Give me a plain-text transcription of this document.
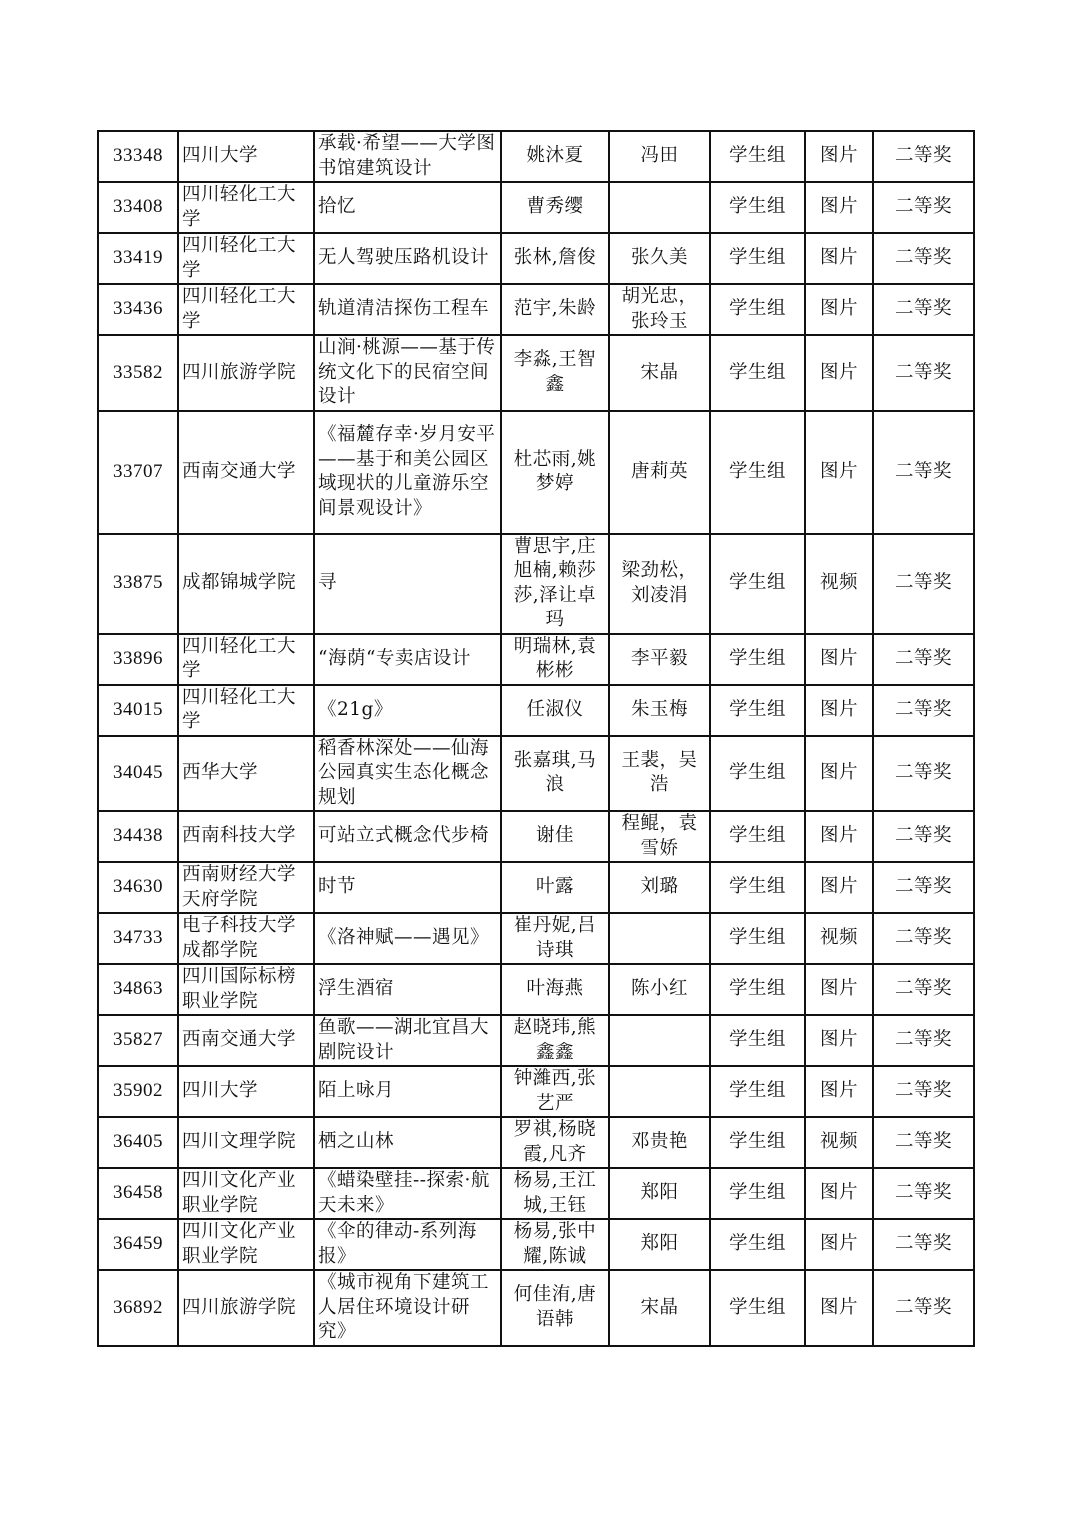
33348	四川大学	承载·希望——大学图书馆建筑设计	姚沐夏	冯田	学生组	图片	二等奖
33408	四川轻化工大学	拾忆	曹秀缨		学生组	图片	二等奖
33419	四川轻化工大学	无人驾驶压路机设计	张林,詹俊	张久美	学生组	图片	二等奖
33436	四川轻化工大学	轨道清洁探伤工程车	范宇,朱龄	胡光忠，张玲玉	学生组	图片	二等奖
33582	四川旅游学院	山涧·桃源——基于传统文化下的民宿空间设计	李淼,王智鑫	宋晶	学生组	图片	二等奖
33707	西南交通大学	《福麓存幸·岁月安平——基于和美公园区域现状的儿童游乐空间景观设计》	杜芯雨,姚梦婷	唐莉英	学生组	图片	二等奖
33875	成都锦城学院	寻	曹思宇,庄旭楠,赖莎莎,泽让卓玛	梁劲松，刘凌涓	学生组	视频	二等奖
33896	四川轻化工大学	“海荫“专卖店设计	明瑞林,袁彬彬	李平毅	学生组	图片	二等奖
34015	四川轻化工大学	《21g》	任淑仪	朱玉梅	学生组	图片	二等奖
34045	西华大学	稻香林深处——仙海公园真实生态化概念规划	张嘉琪,马浪	王裴，吴浩	学生组	图片	二等奖
34438	西南科技大学	可站立式概念代步椅	谢佳	程鲲，袁雪娇	学生组	图片	二等奖
34630	西南财经大学天府学院	时节	叶露	刘璐	学生组	图片	二等奖
34733	电子科技大学成都学院	《洛神赋——遇见》	崔丹妮,吕诗琪		学生组	视频	二等奖
34863	四川国际标榜职业学院	浮生酒宿	叶海燕	陈小红	学生组	图片	二等奖
35827	西南交通大学	鱼歌——湖北宜昌大剧院设计	赵晓玮,熊鑫鑫		学生组	图片	二等奖
35902	四川大学	陌上咏月	钟濰西,张艺严		学生组	图片	二等奖
36405	四川文理学院	栖之山林	罗祺,杨晓霞,凡齐	邓贵艳	学生组	视频	二等奖
36458	四川文化产业职业学院	《蜡染壁挂--探索·航天未来》	杨易,王江城,王钰	郑阳	学生组	图片	二等奖
36459	四川文化产业职业学院	《伞的律动-系列海报》	杨易,张中耀,陈诚	郑阳	学生组	图片	二等奖
36892	四川旅游学院	《城市视角下建筑工人居住环境设计研究》	何佳洧,唐语韩	宋晶	学生组	图片	二等奖
